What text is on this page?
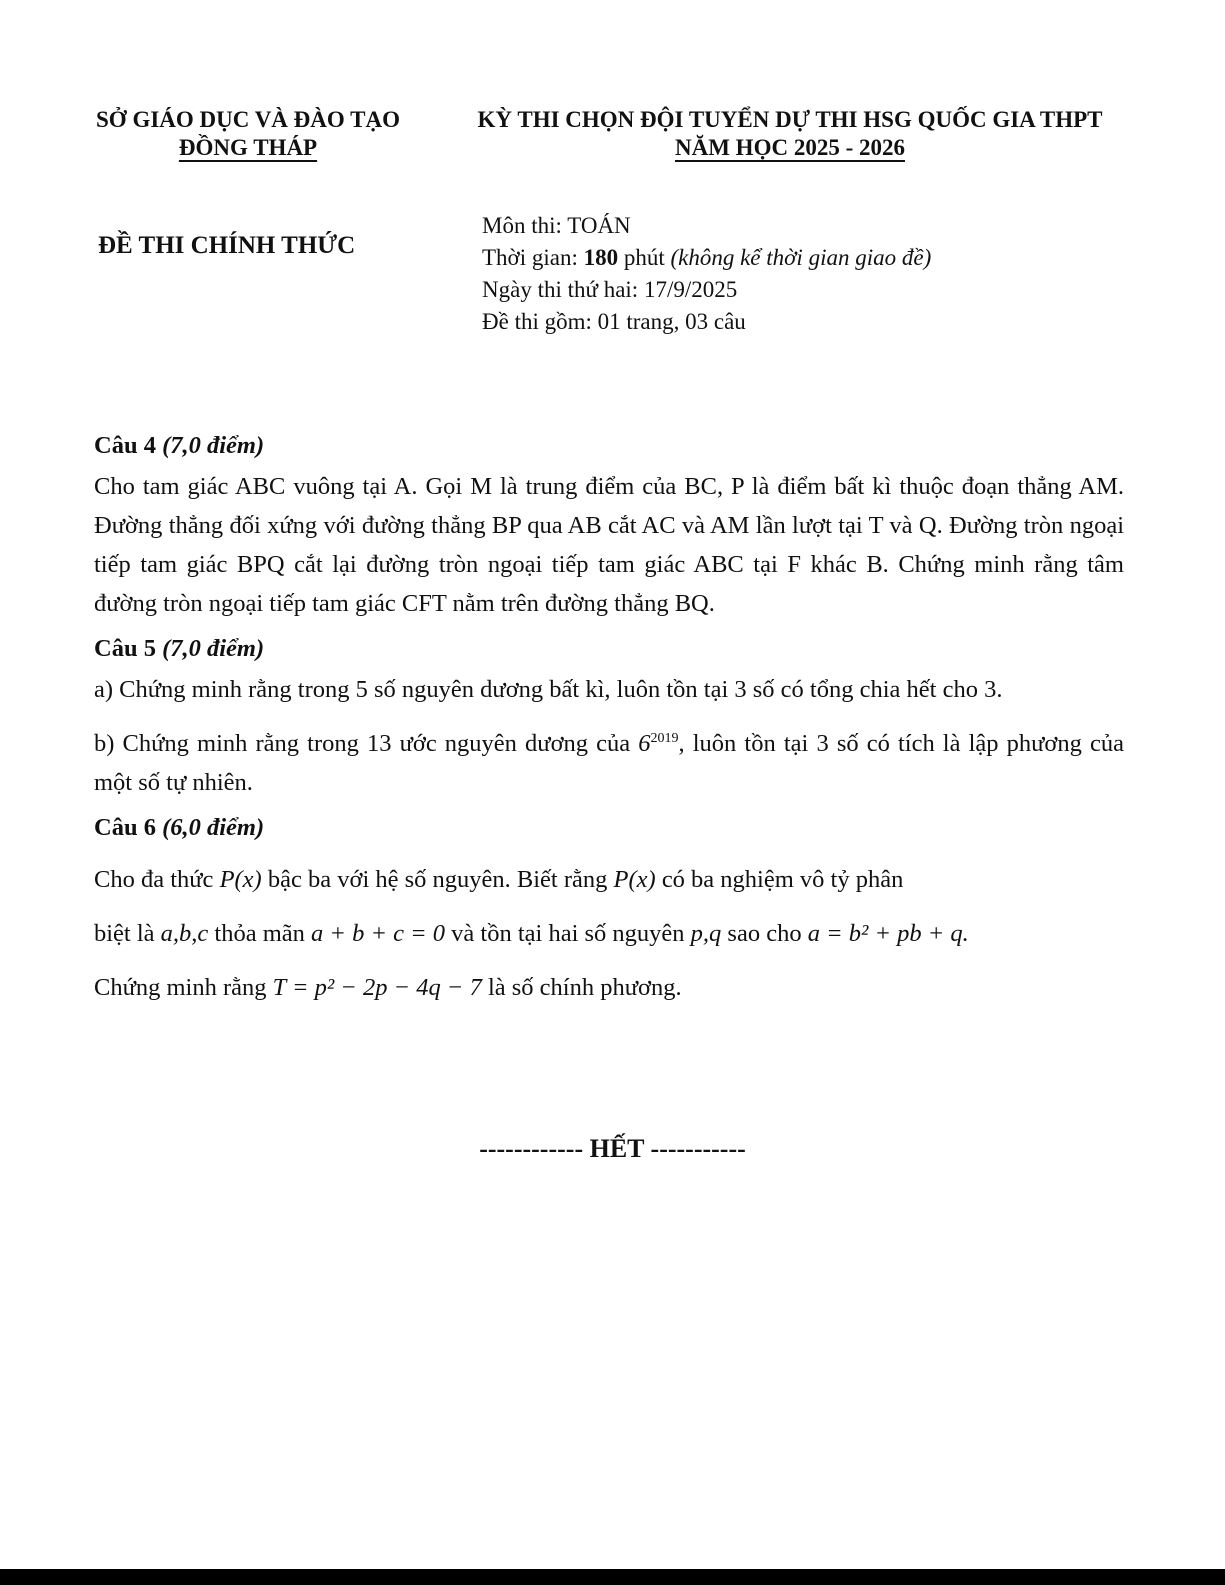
SỞ GIÁO DỤC VÀ ĐÀO TẠO
ĐỒNG THÁP
KỲ THI CHỌN ĐỘI TUYỂN DỰ THI HSG QUỐC GIA THPT
NĂM HỌC 2025 - 2026
ĐỀ THI CHÍNH THỨC
Môn thi: TOÁN
Thời gian: 180 phút (không kể thời gian giao đề)
Ngày thi thứ hai: 17/9/2025
Đề thi gồm: 01 trang, 03 câu
Câu 4 (7,0 điểm)
Cho tam giác ABC vuông tại A. Gọi M là trung điểm của BC, P là điểm bất kì thuộc đoạn thẳng AM. Đường thẳng đối xứng với đường thẳng BP qua AB cắt AC và AM lần lượt tại T và Q. Đường tròn ngoại tiếp tam giác BPQ cắt lại đường tròn ngoại tiếp tam giác ABC tại F khác B. Chứng minh rằng tâm đường tròn ngoại tiếp tam giác CFT nằm trên đường thẳng BQ.
Câu 5 (7,0 điểm)
a) Chứng minh rằng trong 5 số nguyên dương bất kì, luôn tồn tại 3 số có tổng chia hết cho 3.
b) Chứng minh rằng trong 13 ước nguyên dương của $6^{2019}$, luôn tồn tại 3 số có tích là lập phương của một số tự nhiên.
Câu 6 (6,0 điểm)
Cho đa thức P(x) bậc ba với hệ số nguyên. Biết rằng P(x) có ba nghiệm vô tỷ phân
biệt là a,b,c thỏa mãn a + b + c = 0 và tồn tại hai số nguyên p,q sao cho a = b² + pb + q.
Chứng minh rằng T = p² − 2p − 4q − 7 là số chính phương.
------------ HẾT -----------
